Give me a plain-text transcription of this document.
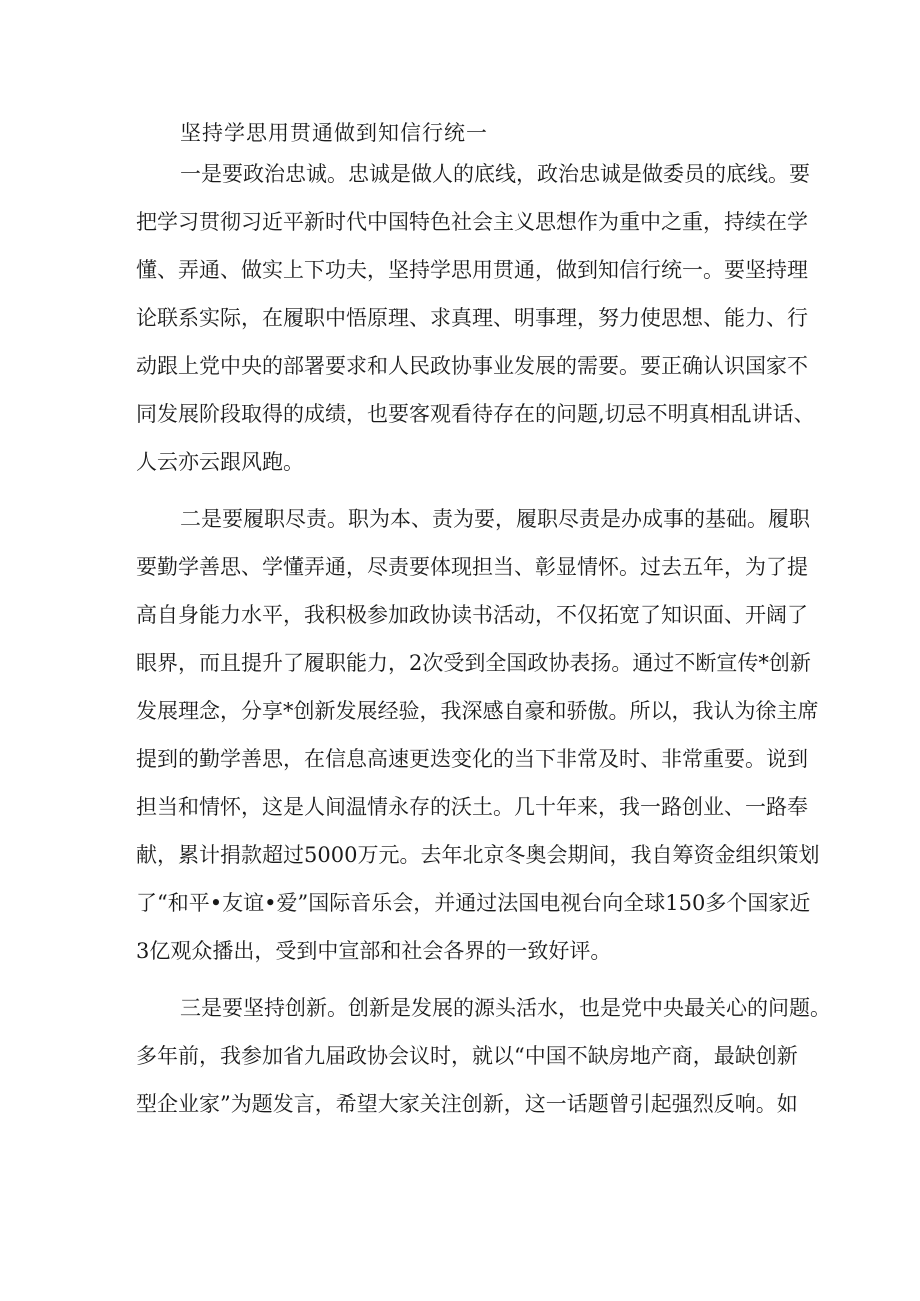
坚持学思用贯通做到知信行统一
一是要政治忠诚。忠诚是做人的底线，政治忠诚是做委员的底线。要
把学习贯彻习近平新时代中国特色社会主义思想作为重中之重，持续在学
懂、弄通、做实上下功夫，坚持学思用贯通，做到知信行统一。要坚持理
论联系实际，在履职中悟原理、求真理、明事理，努力使思想、能力、行
动跟上党中央的部署要求和人民政协事业发展的需要。要正确认识国家不
同发展阶段取得的成绩，也要客观看待存在的问题,切忌不明真相乱讲话、
人云亦云跟风跑。
二是要履职尽责。职为本、责为要，履职尽责是办成事的基础。履职
要勤学善思、学懂弄通，尽责要体现担当、彰显情怀。过去五年，为了提
高自身能力水平，我积极参加政协读书活动，不仅拓宽了知识面、开阔了
眼界，而且提升了履职能力，2次受到全国政协表扬。通过不断宣传*创新
发展理念，分享*创新发展经验，我深感自豪和骄傲。所以，我认为徐主席
提到的勤学善思，在信息高速更迭变化的当下非常及时、非常重要。说到
担当和情怀，这是人间温情永存的沃土。几十年来，我一路创业、一路奉
献，累计捐款超过5000万元。去年北京冬奥会期间，我自筹资金组织策划
了“和平•友谊•爱”国际音乐会，并通过法国电视台向全球150多个国家近
3亿观众播出，受到中宣部和社会各界的一致好评。
三是要坚持创新。创新是发展的源头活水，也是党中央最关心的问题。
多年前，我参加省九届政协会议时，就以“中国不缺房地产商，最缺创新
型企业家”为题发言，希望大家关注创新，这一话题曾引起强烈反响。如
